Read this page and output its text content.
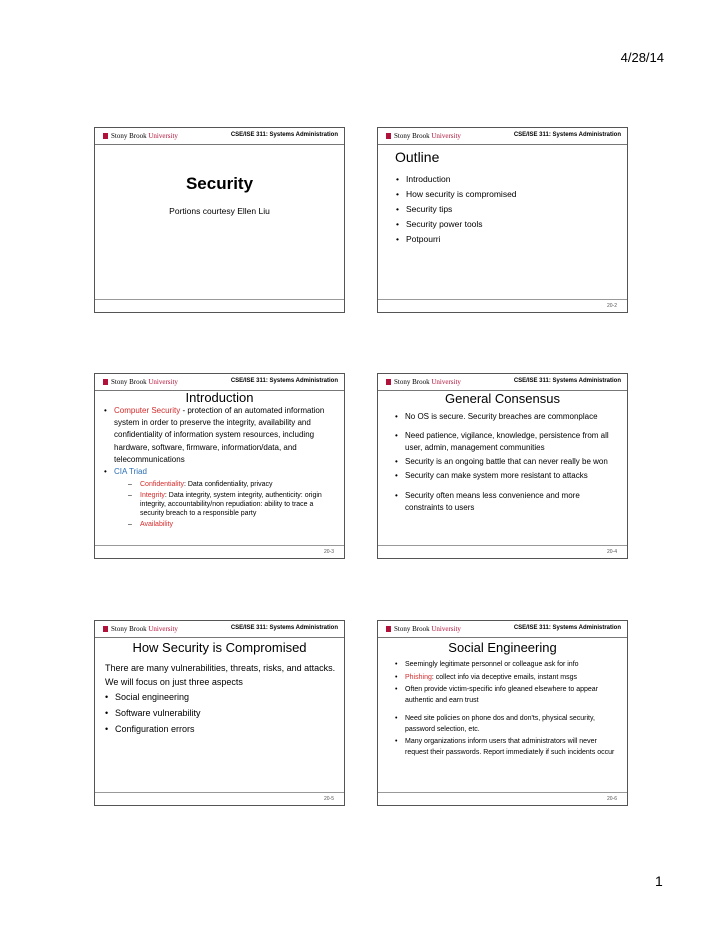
4/28/14
Stony Brook University	CSE/ISE 311: Systems Administration
Security
Portions courtesy Ellen Liu
Stony Brook University	CSE/ISE 311: Systems Administration
Outline
• Introduction
• How security is compromised
• Security tips
• Security power tools
• Potpourri
20-2
Stony Brook University	CSE/ISE 311: Systems Administration
Introduction
• Computer Security - protection of an automated information system in order to preserve the integrity, availability and confidentiality of information system resources, including hardware, software, firmware, information/data, and telecommunications
• CIA Triad
– Confidentiality: Data confidentiality, privacy
– Integrity: Data integrity, system integrity, authenticity: origin integrity, accountability/non repudiation: ability to trace a security breach to a responsible party
– Availability
20-3
Stony Brook University	CSE/ISE 311: Systems Administration
General Consensus
• No OS is secure. Security breaches are commonplace
• Need patience, vigilance, knowledge, persistence from all user, admin, management communities
• Security is an ongoing battle that can never really be won
• Security can make system more resistant to attacks
• Security often means less convenience and more constraints to users
20-4
Stony Brook University	CSE/ISE 311: Systems Administration
How Security is Compromised
There are many vulnerabilities, threats, risks, and attacks. We will focus on just three aspects
• Social engineering
• Software vulnerability
• Configuration errors
20-5
Stony Brook University	CSE/ISE 311: Systems Administration
Social Engineering
• Seemingly legitimate personnel or colleague ask for info
• Phishing: collect info via deceptive emails, instant msgs
• Often provide victim-specific info gleaned elsewhere to appear authentic and earn trust
• Need site policies on phone dos and don'ts, physical security, password selection, etc.
• Many organizations inform users that administrators will never request their passwords. Report immediately if such incidents occur
20-6
1
